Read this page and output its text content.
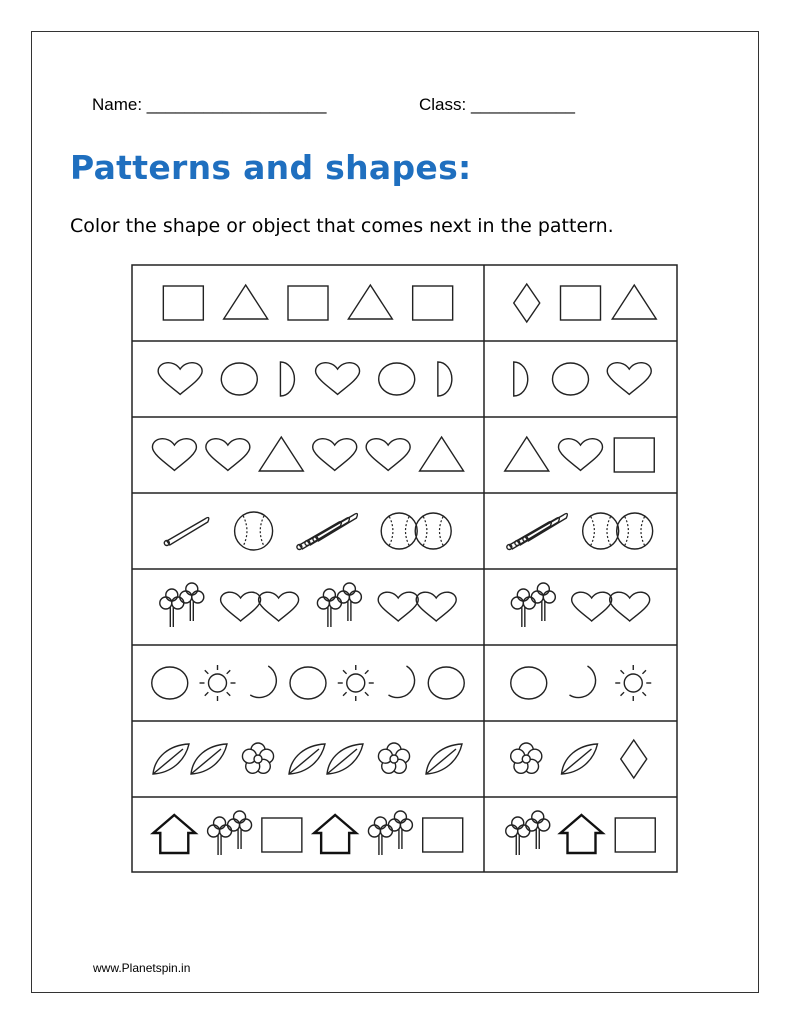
Name: ___________________	Class: ___________
Patterns and shapes:
Color the shape or object that comes next in the pattern.
www.Planetspin.in
